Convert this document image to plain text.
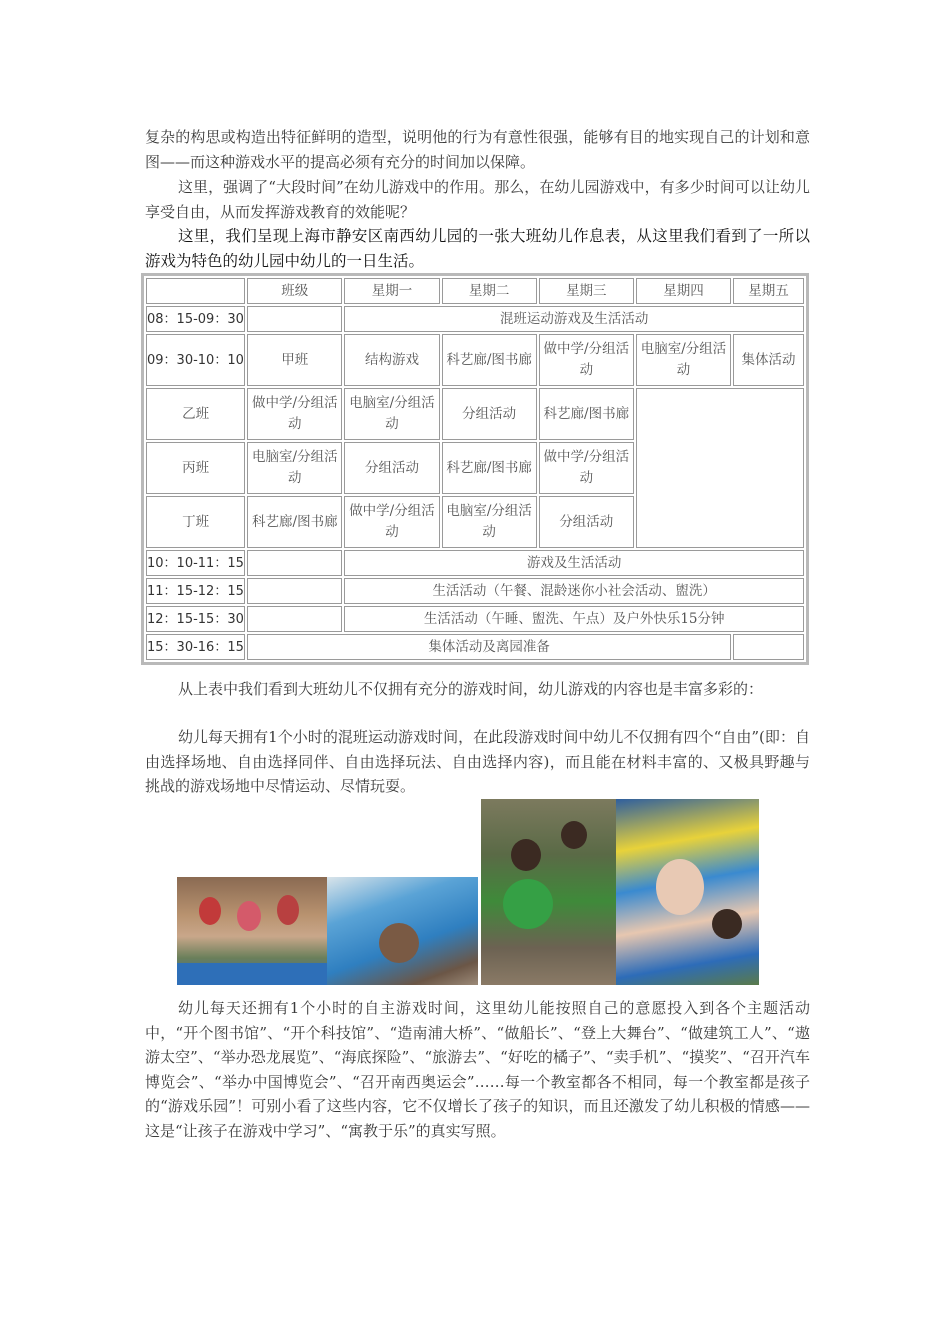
复杂的构思或构造出特征鲜明的造型，说明他的行为有意性很强，能够有目的地实现自己的计划和意图——而这种游戏水平的提高必须有充分的时间加以保障。

这里，强调了“大段时间”在幼儿游戏中的作用。那么，在幼儿园游戏中，有多少时间可以让幼儿享受自由，从而发挥游戏教育的效能呢？

这里，我们呈现上海市静安区南西幼儿园的一张大班幼儿作息表，从这里我们看到了一所以游戏为特色的幼儿园中幼儿的一日生活。

	班级	星期一	星期二	星期三	星期四	星期五
08：15-09：30		混班运动游戏及生活活动				
09：30-10：10	甲班	结构游戏	科艺廊/图书廊	做中学/分组活动	电脑室/分组活动	集体活动
乙班	做中学/分组活动	电脑室/分组活动	分组活动	科艺廊/图书廊		
丙班	电脑室/分组活动	分组活动	科艺廊/图书廊	做中学/分组活动		
丁班	科艺廊/图书廊	做中学/分组活动	电脑室/分组活动	分组活动		
10：10-11：15		游戏及生活活动				
11：15-12：15		生活活动（午餐、混龄迷你小社会活动、盥洗）				
12：15-15：30		生活活动（午睡、盥洗、午点）及户外快乐15分钟				
15：30-16：15	集体活动及离园准备					

从上表中我们看到大班幼儿不仅拥有充分的游戏时间，幼儿游戏的内容也是丰富多彩的：

幼儿每天拥有1个小时的混班运动游戏时间，在此段游戏时间中幼儿不仅拥有四个“自由”(即：自由选择场地、自由选择同伴、自由选择玩法、自由选择内容)，而且能在材料丰富的、又极具野趣与挑战的游戏场地中尽情运动、尽情玩耍。

幼儿每天还拥有1个小时的自主游戏时间，这里幼儿能按照自己的意愿投入到各个主题活动中，“开个图书馆”、“开个科技馆”、“造南浦大桥”、“做船长”、“登上大舞台”、“做建筑工人”、“遨游太空”、“举办恐龙展览”、“海底探险”、“旅游去”、“好吃的橘子”、“卖手机”、“摸奖”、“召开汽车博览会”、“举办中国博览会”、“召开南西奥运会”……每一个教室都各不相同，每一个教室都是孩子的“游戏乐园”！可别小看了这些内容，它不仅增长了孩子的知识，而且还激发了幼儿积极的情感——这是“让孩子在游戏中学习”、“寓教于乐”的真实写照。
